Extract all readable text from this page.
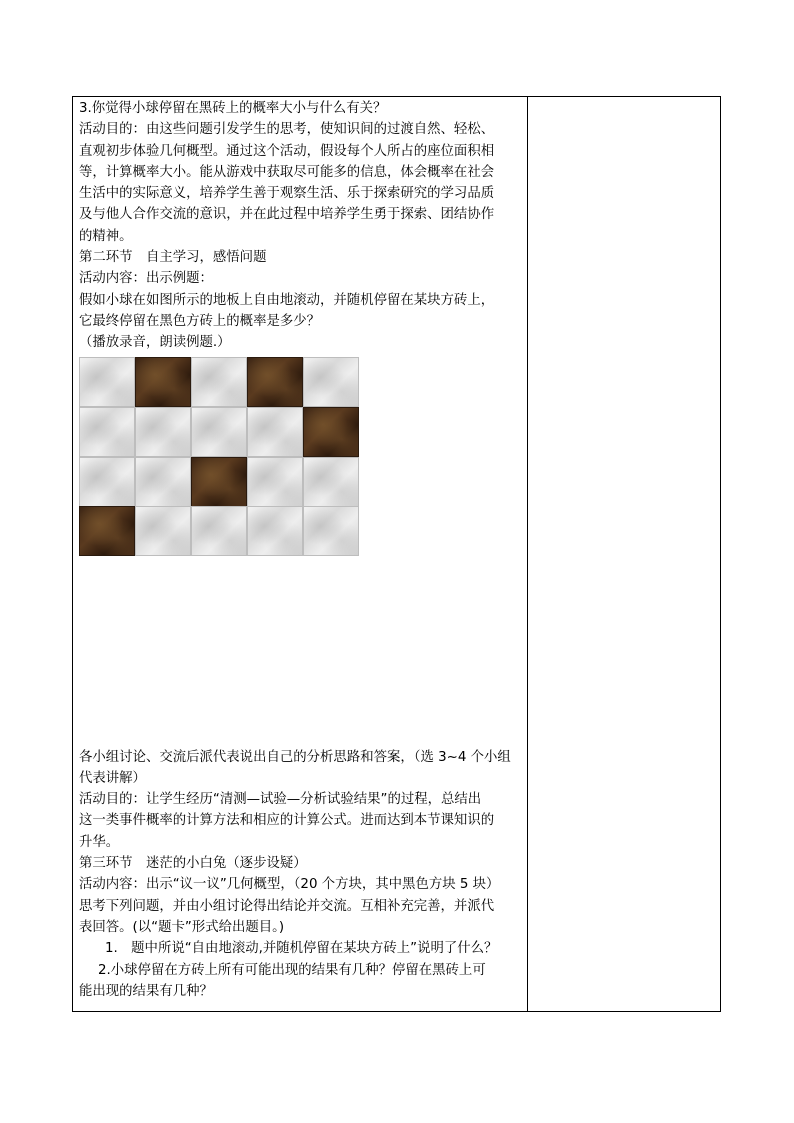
3.你觉得小球停留在黑砖上的概率大小与什么有关？
活动目的：由这些问题引发学生的思考，使知识间的过渡自然、轻松、
直观初步体验几何概型。通过这个活动，假设每个人所占的座位面积相
等，计算概率大小。能从游戏中获取尽可能多的信息，体会概率在社会
生活中的实际意义，培养学生善于观察生活、乐于探索研究的学习品质
及与他人合作交流的意识，并在此过程中培养学生勇于探索、团结协作
的精神。
第二环节　自主学习，感悟问题
活动内容：出示例题：
假如小球在如图所示的地板上自由地滚动，并随机停留在某块方砖上，
它最终停留在黑色方砖上的概率是多少？
（播放录音，朗读例题.）
各小组讨论、交流后派代表说出自己的分析思路和答案，（选 3~4 个小组
代表讲解）
活动目的：让学生经历“清测—试验—分析试验结果”的过程，总结出
这一类事件概率的计算方法和相应的计算公式。进而达到本节课知识的
升华。
第三环节　迷茫的小白兔（逐步设疑）
活动内容：出示“议一议”几何概型，（20 个方块，其中黑色方块 5 块）
思考下列问题，并由小组讨论得出结论并交流。互相补充完善，并派代
表回答。(以“题卡”形式给出题目。)
1.　题中所说“自由地滚动,并随机停留在某块方砖上”说明了什么？
2.小球停留在方砖上所有可能出现的结果有几种？停留在黑砖上可
能出现的结果有几种？
